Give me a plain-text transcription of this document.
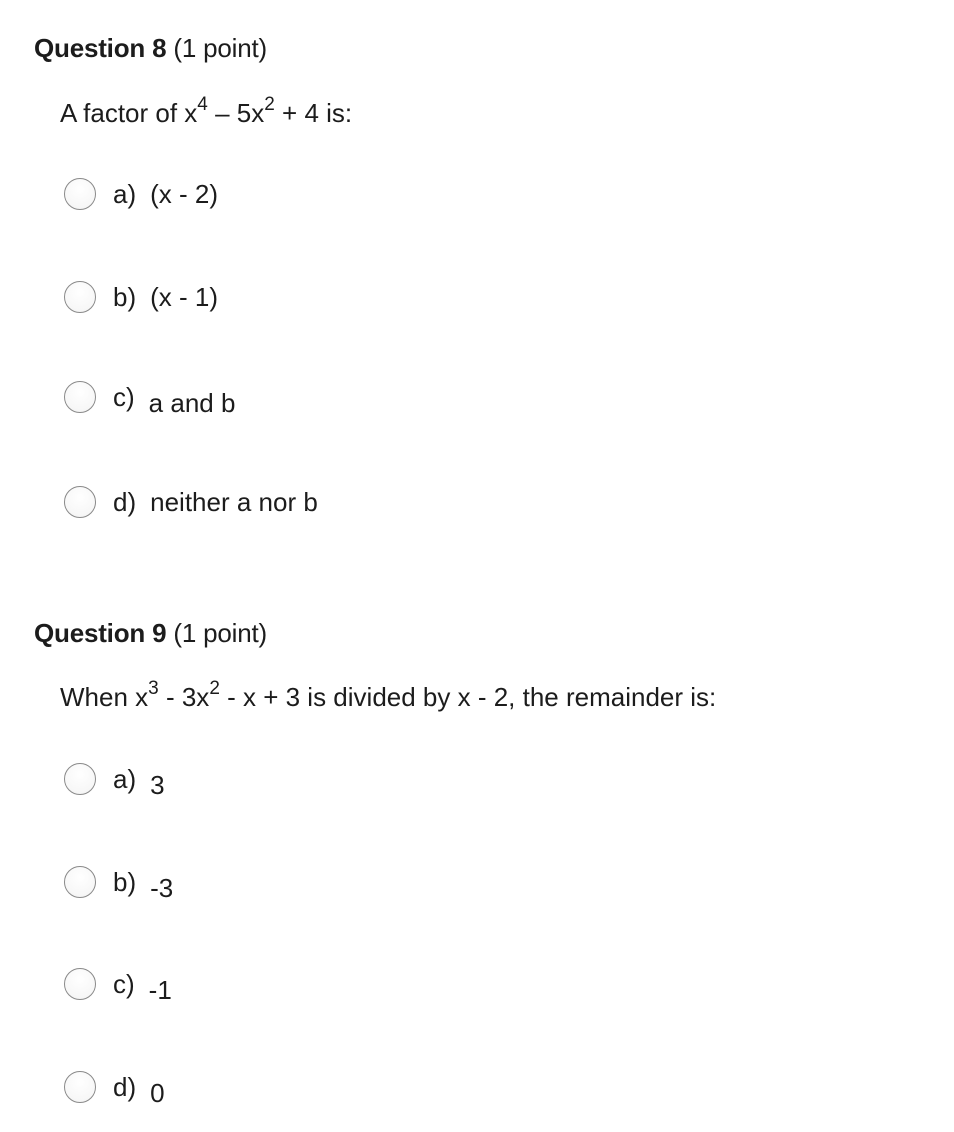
Question 8 (1 point)
A factor of $x^4 - 5x^2 + 4$ is:
a) (x - 2)
b) (x - 1)
c) a and b
d) neither a nor b
Question 9 (1 point)
When $x^3 - 3x^2 - x + 3$ is divided by x - 2, the remainder is:
a) 3
b) -3
c) -1
d) 0
